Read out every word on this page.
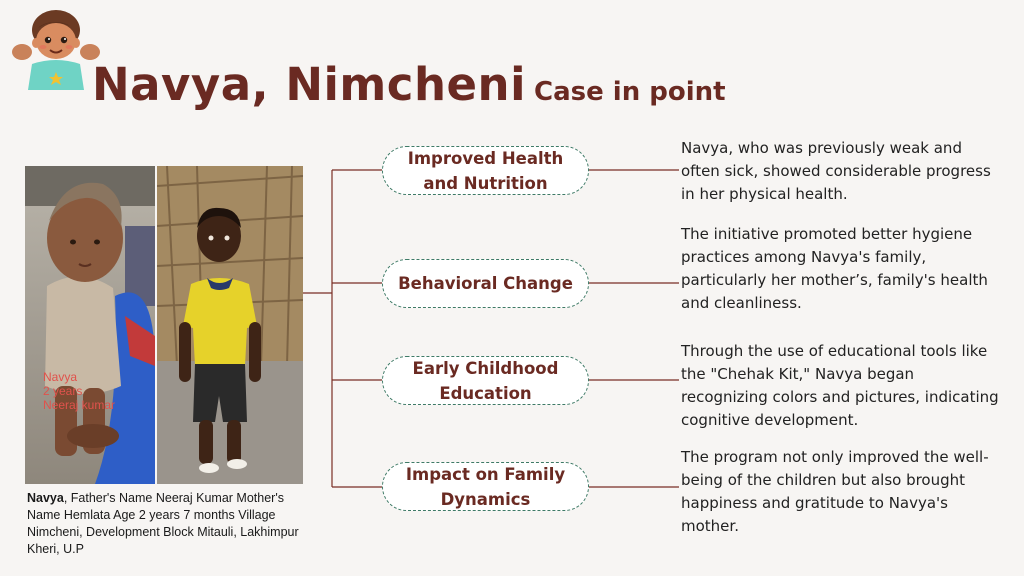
Navya, Nimcheni Case in point
Navya
2 years
Neeraj kumar
Navya, Father's Name Neeraj Kumar Mother's Name Hemlata Age 2 years 7 months Village Nimcheni, Development Block Mitauli, Lakhimpur Kheri, U.P
Improved Health and Nutrition
Behavioral Change
Early Childhood Education
Impact on Family Dynamics
Navya, who was previously weak and often sick, showed considerable progress in her physical health.
The initiative promoted better hygiene practices among Navya's family, particularly her mother’s, family's health and cleanliness.
Through the use of educational tools like the "Chehak Kit," Navya began recognizing colors and pictures, indicating cognitive development.
The program not only improved the well-being of the children but also brought happiness and gratitude to Navya's mother.
